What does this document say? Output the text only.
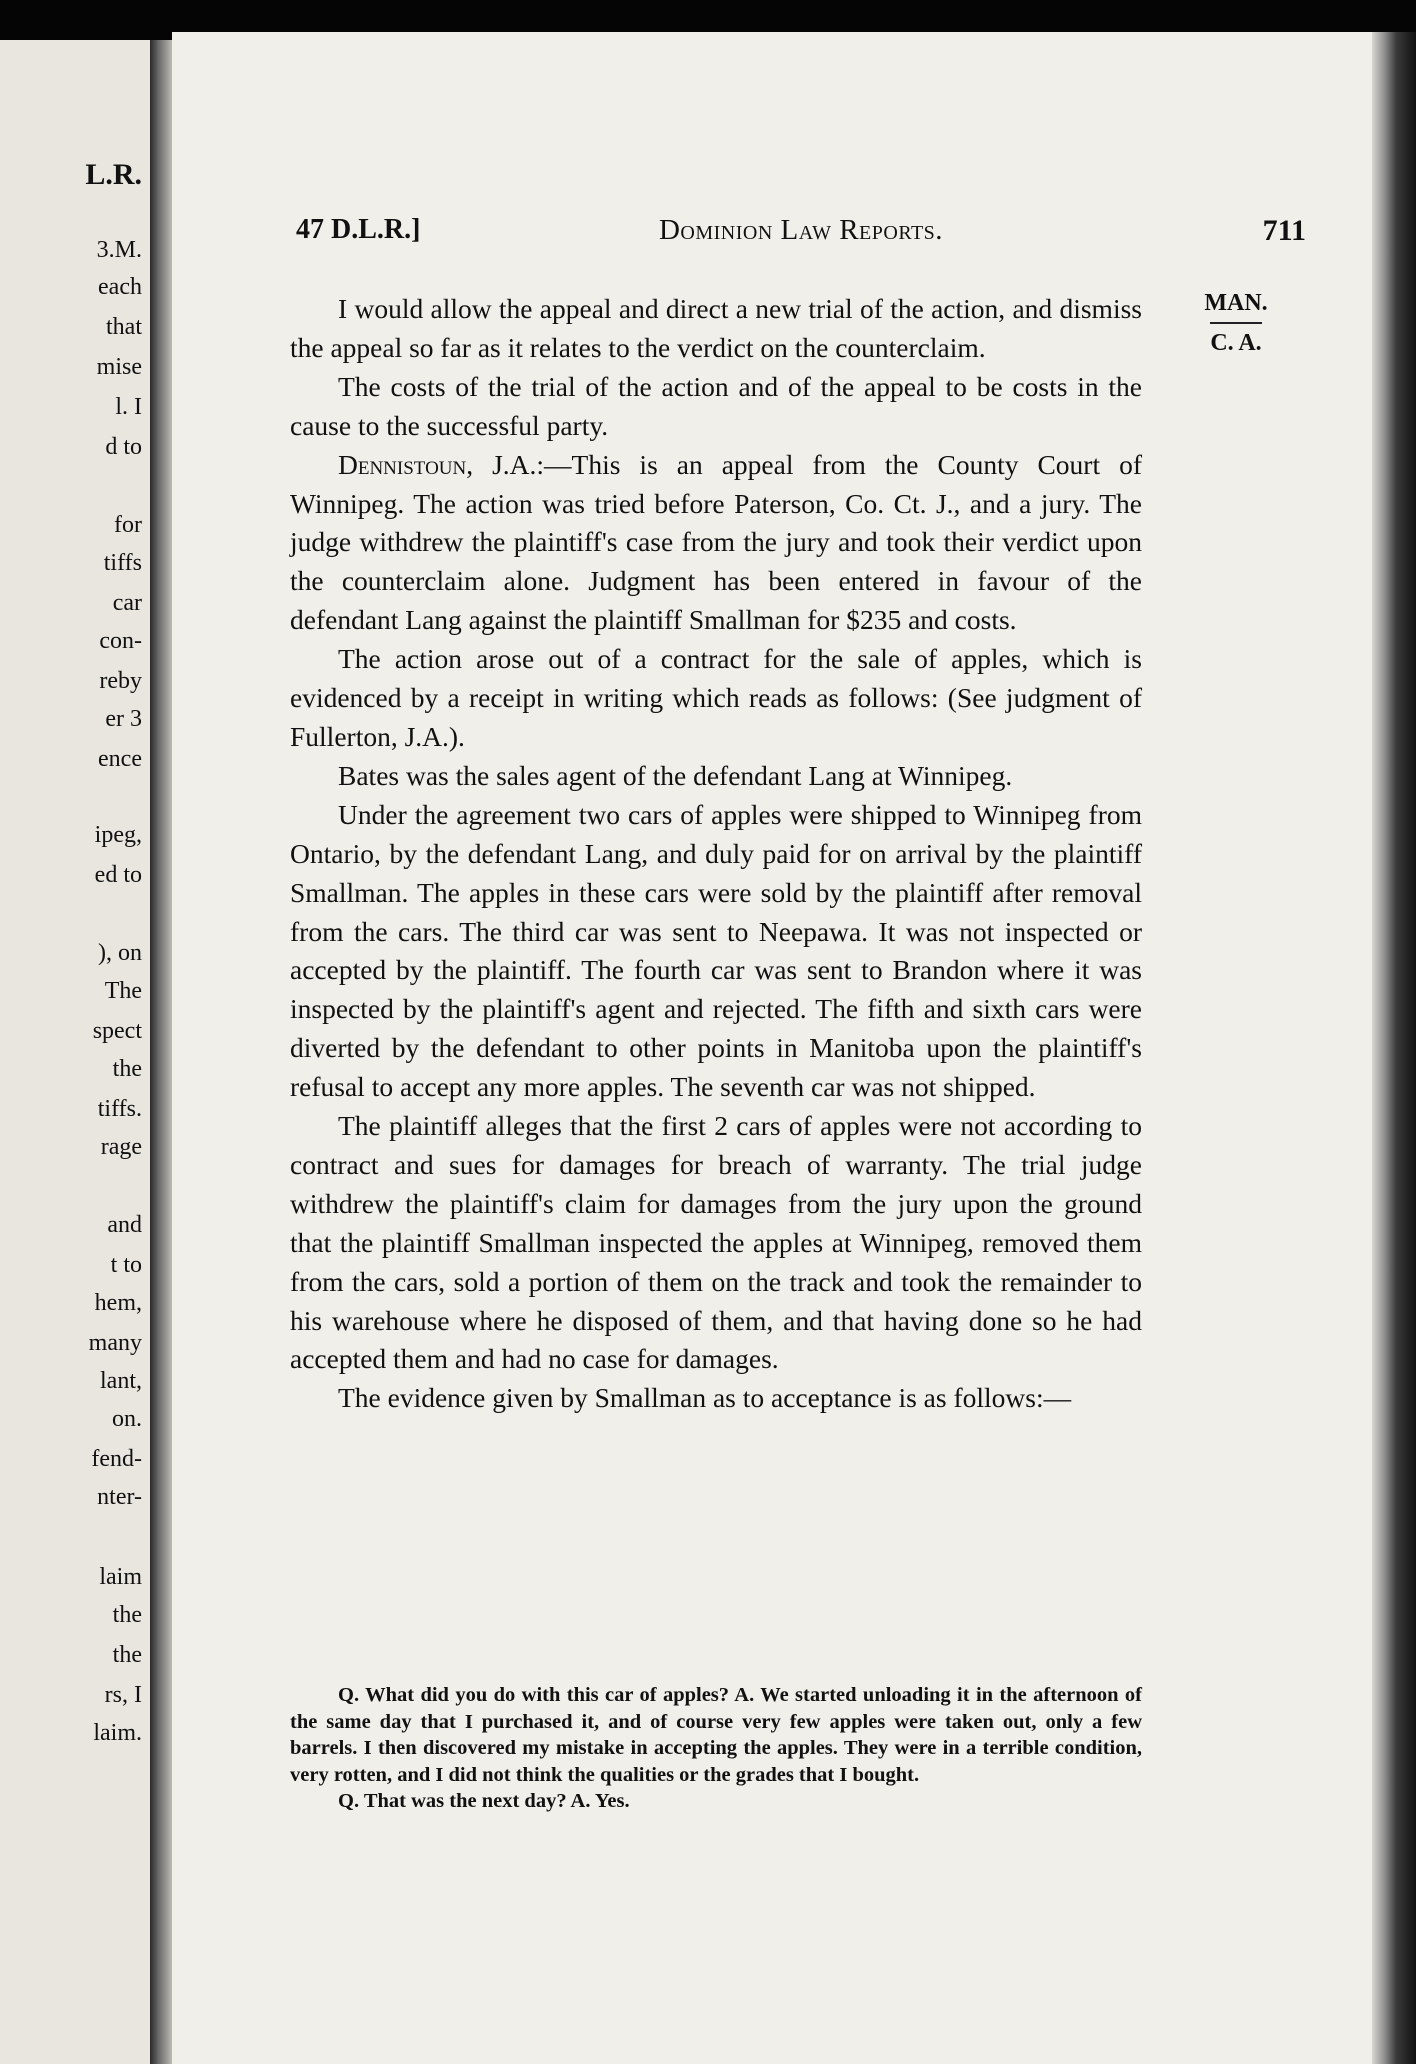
L.R.
3.M.
each
that
mise
l. I
d to
for
tiffs
car
con-
reby
er 3
ence
ipeg,
ed to
), on
The
spect
the
tiffs.
rage
and
t to
hem,
many
lant,
on.
fend-
nter-
laim
the
the
rs, I
laim.
47 D.L.R.]	Dominion Law Reports.	711
MAN.
C. A.

I would allow the appeal and direct a new trial of the action, and dismiss the appeal so far as it relates to the verdict on the counterclaim.

The costs of the trial of the action and of the appeal to be costs in the cause to the successful party.

Dennistoun, J.A.:—This is an appeal from the County Court of Winnipeg. The action was tried before Paterson, Co. Ct. J., and a jury. The judge withdrew the plaintiff's case from the jury and took their verdict upon the counterclaim alone. Judgment has been entered in favour of the defendant Lang against the plaintiff Smallman for $235 and costs.

The action arose out of a contract for the sale of apples, which is evidenced by a receipt in writing which reads as follows: (See judgment of Fullerton, J.A.).

Bates was the sales agent of the defendant Lang at Winnipeg.

Under the agreement two cars of apples were shipped to Winnipeg from Ontario, by the defendant Lang, and duly paid for on arrival by the plaintiff Smallman. The apples in these cars were sold by the plaintiff after removal from the cars. The third car was sent to Neepawa. It was not inspected or accepted by the plaintiff. The fourth car was sent to Brandon where it was inspected by the plaintiff's agent and rejected. The fifth and sixth cars were diverted by the defendant to other points in Manitoba upon the plaintiff's refusal to accept any more apples. The seventh car was not shipped.

The plaintiff alleges that the first 2 cars of apples were not according to contract and sues for damages for breach of warranty. The trial judge withdrew the plaintiff's claim for damages from the jury upon the ground that the plaintiff Smallman inspected the apples at Winnipeg, removed them from the cars, sold a portion of them on the track and took the remainder to his warehouse where he disposed of them, and that having done so he had accepted them and had no case for damages.

The evidence given by Smallman as to acceptance is as follows:—

Q. What did you do with this car of apples? A. We started unloading it in the afternoon of the same day that I purchased it, and of course very few apples were taken out, only a few barrels. I then discovered my mistake in accepting the apples. They were in a terrible condition, very rotten, and I did not think the qualities or the grades that I bought.

Q. That was the next day? A. Yes.
